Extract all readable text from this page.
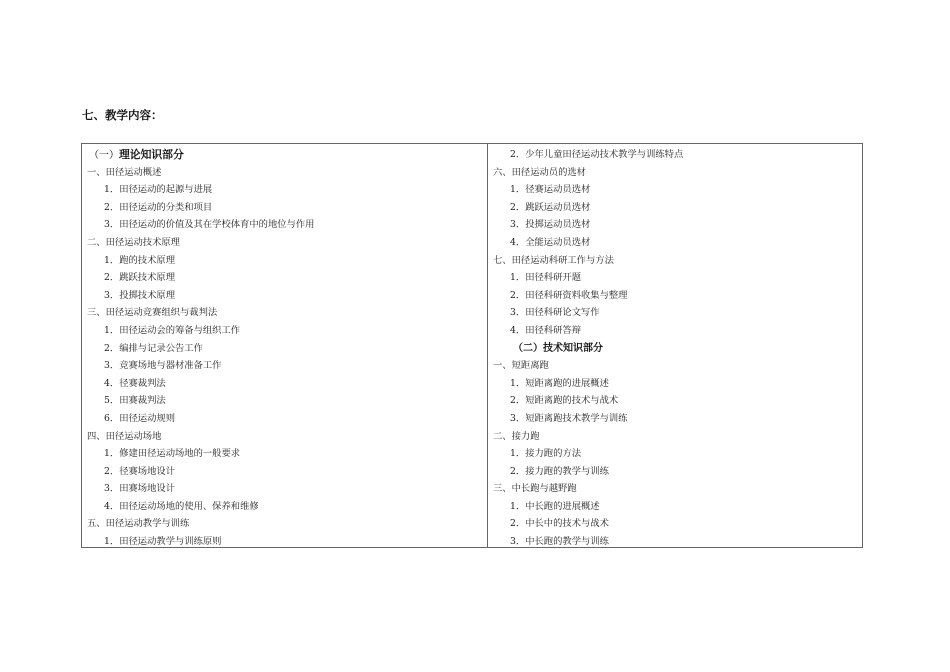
七、教学内容：
（一）理论知识部分
一、田径运动概述
1．田径运动的起源与进展
2．田径运动的分类和项目
3．田径运动的价值及其在学校体育中的地位与作用
二、田径运动技术原理
1．跑的技术原理
2．跳跃技术原理
3．投掷技术原理
三、田径运动竞赛组织与裁判法
1．田径运动会的筹备与组织工作
2．编排与记录公告工作
3．竞赛场地与器材准备工作
4．径赛裁判法
5．田赛裁判法
6．田径运动规则
四、田径运动场地
1．修建田径运动场地的一般要求
2．径赛场地设计
3．田赛场地设计
4．田径运动场地的使用、保养和维修
五、田径运动教学与训练
1．田径运动教学与训练原则
2．少年儿童田径运动技术教学与训练特点
六、田径运动员的选材
1．径赛运动员选材
2．跳跃运动员选材
3．投掷运动员选材
4．全能运动员选材
七、田径运动科研工作与方法
1．田径科研开题
2．田径科研资料收集与整理
3．田径科研论文写作
4．田径科研答辩
（二）技术知识部分
一、短距离跑
1．短距离跑的进展概述
2．短距离跑的技术与战术
3．短距离跑技术教学与训练
二、接力跑
1．接力跑的方法
2．接力跑的教学与训练
三、中长跑与越野跑
1．中长跑的进展概述
2．中长中的技术与战术
3．中长跑的教学与训练
